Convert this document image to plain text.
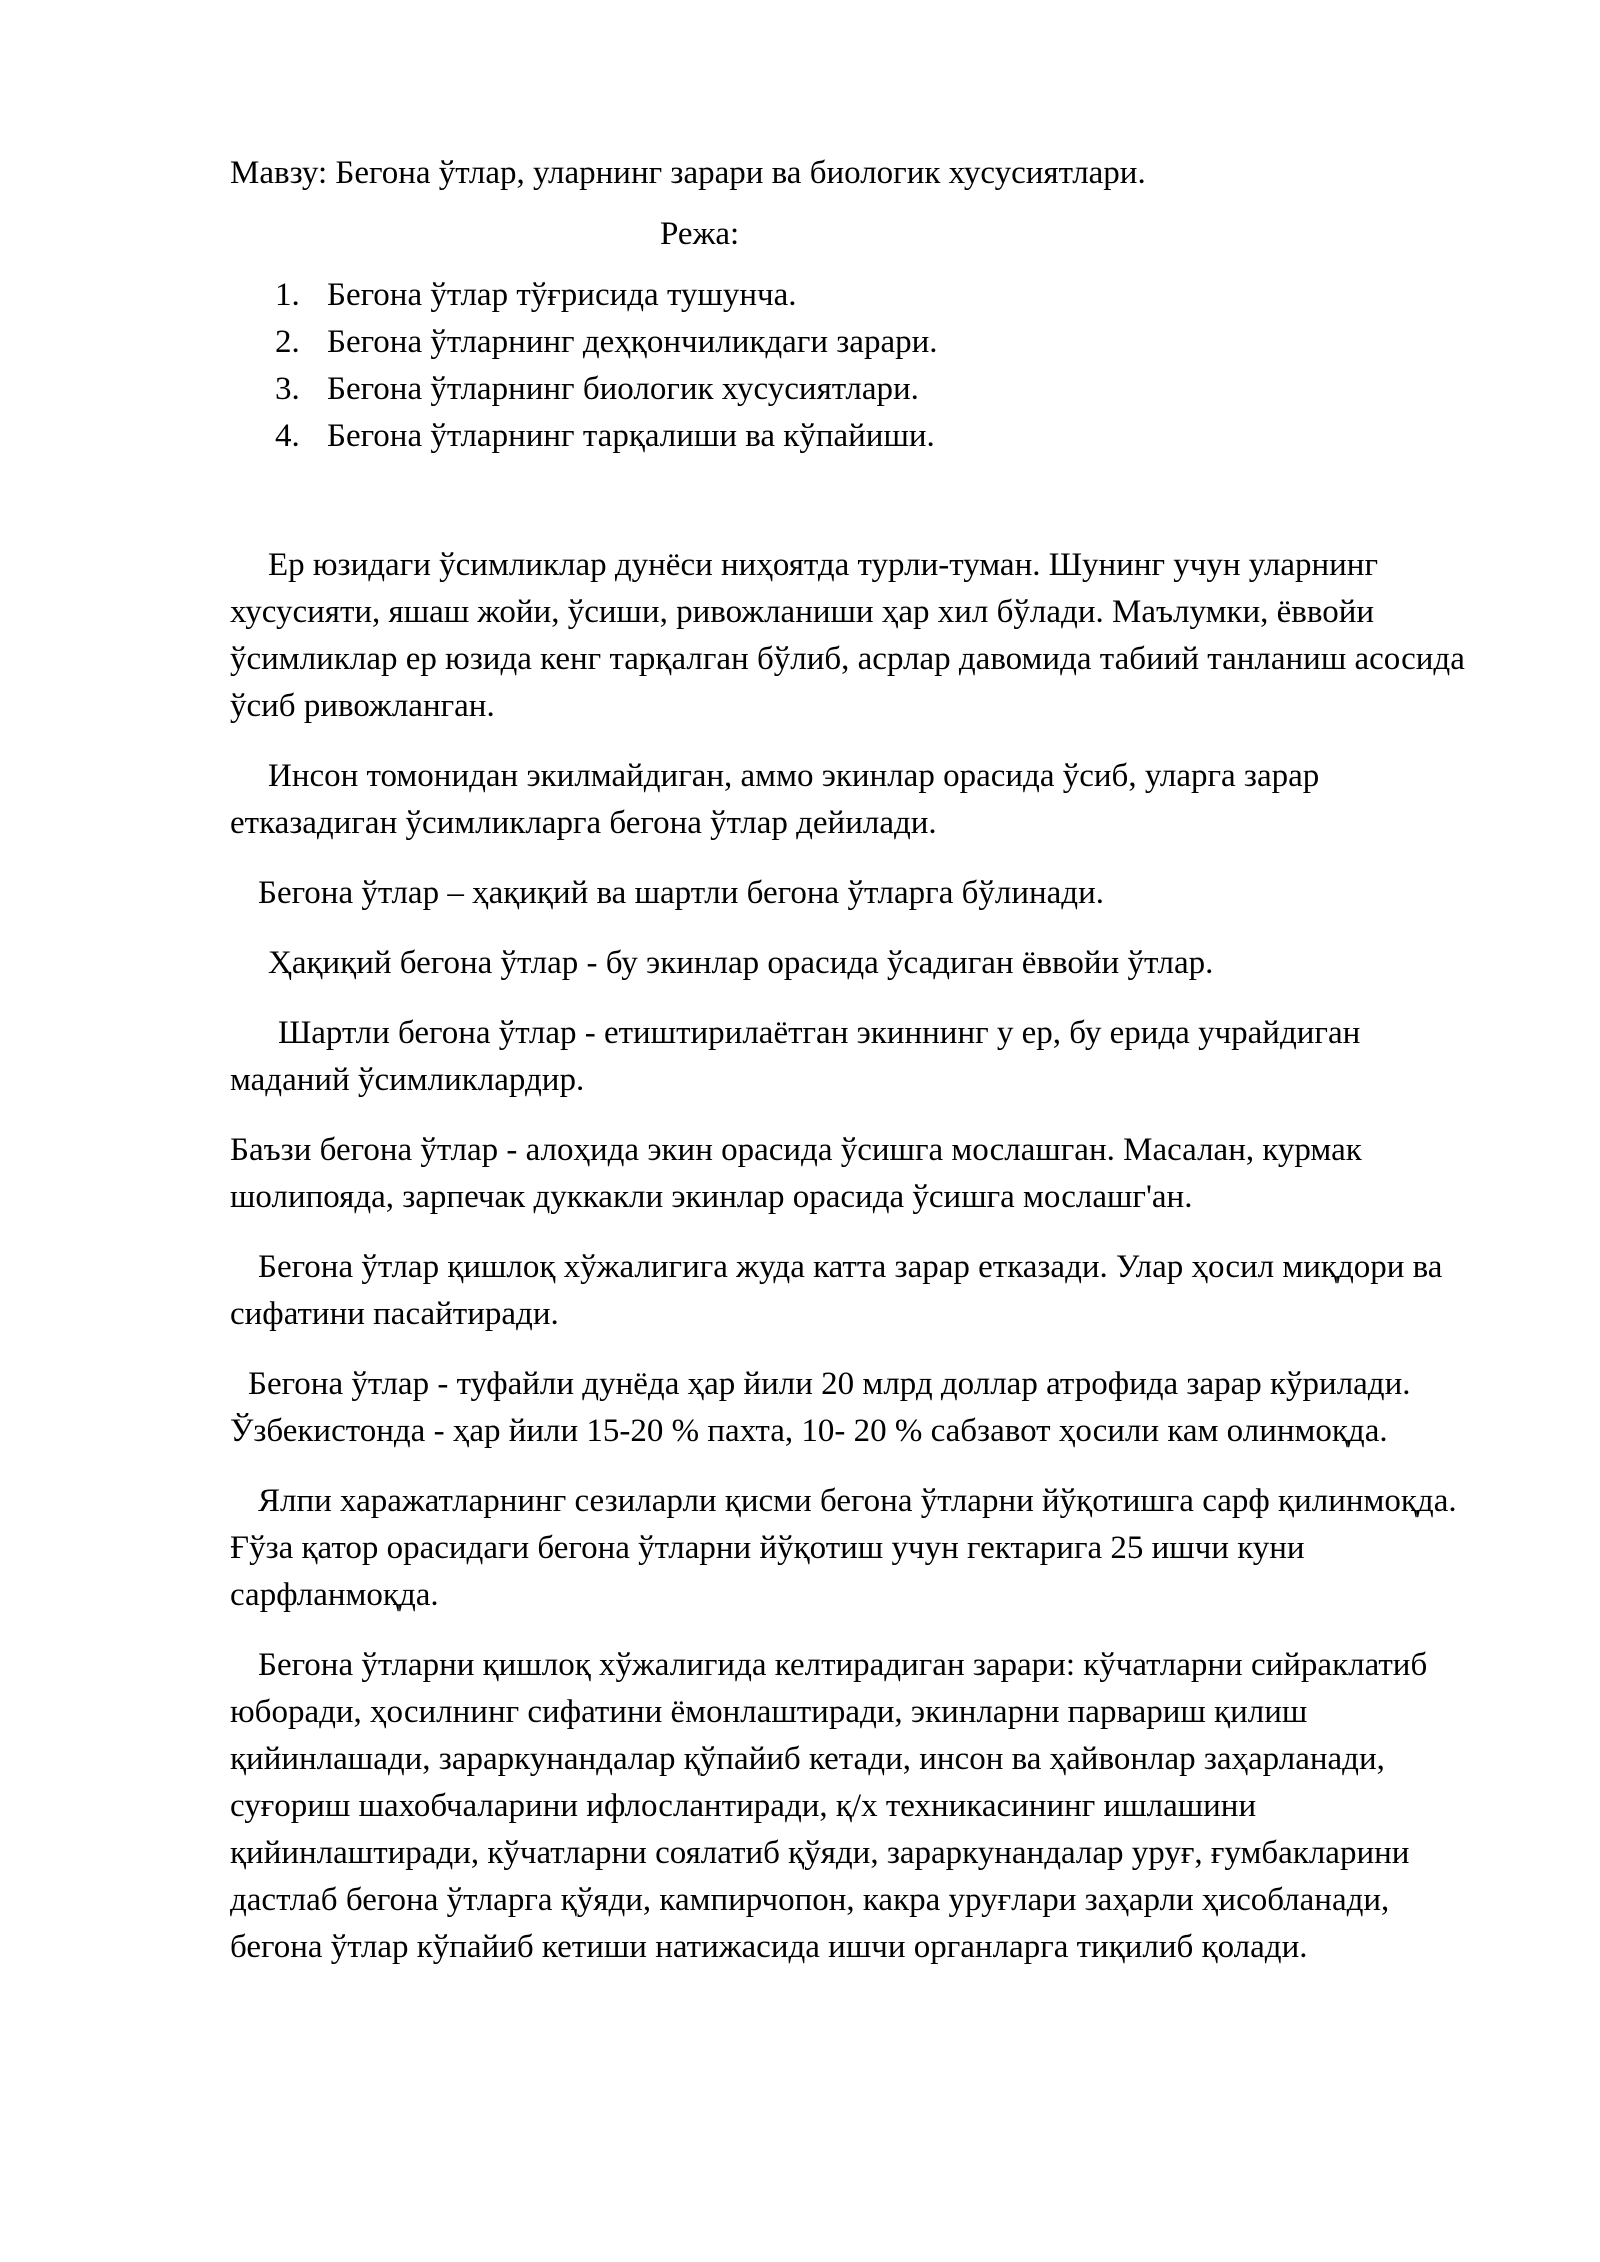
Мавзу: Бегона ўтлар, уларнинг зарари ва биологик хусусиятлари.

Режа:

1. Бегона ўтлар тўғрисида тушунча.
2. Бегона ўтларнинг деҳқончиликдаги зарари.
3. Бегона ўтларнинг биологик хусусиятлари.
4. Бегона ўтларнинг тарқалиши ва кўпайиши.

Ер юзидаги ўсимликлар дунёси ниҳоятда турли-туман. Шунинг учун уларнинг хусусияти, яшаш жойи, ўсиши, ривожланиши ҳар хил бўлади. Маълумки, ёввойи ўсимликлар ер юзида кенг тарқалган бўлиб, асрлар давомида табиий танланиш асосида ўсиб ривожланган.

Инсон томонидан экилмайдиган, аммо экинлар орасида ўсиб, уларга зарар етказадиган ўсимликларга бегона ўтлар дейилади.

Бегона ўтлар – ҳақиқий ва шартли бегона ўтларга бўлинади.

Ҳақиқий бегона ўтлар - бу экинлар орасида ўсадиган ёввойи ўтлар.

Шартли бегона ўтлар - етиштирилаётган экиннинг у ер, бу ерида учрайдиган маданий ўсимликлардир.

Баъзи бегона ўтлар - алоҳида экин орасида ўсишга мослашган. Масалан, курмак шолипояда, зарпечак дуккакли экинлар орасида ўсишга мослашг'ан.

Бегона ўтлар қишлоқ хўжалигига жуда катта зарар етказади. Улар ҳосил миқдори ва сифатини пасайтиради.

Бегона ўтлар - туфайли дунёда ҳар йили 20 млрд доллар атрофида зарар кўрилади. Ўзбекистонда - ҳар йили 15-20 % пахта, 10- 20 % сабзавот ҳосили кам олинмоқда.

Ялпи харажатларнинг сезиларли қисми бегона ўтларни йўқотишга сарф қилинмоқда. Ғўза қатор орасидаги бегона ўтларни йўқотиш учун гектарига 25 ишчи куни сарфланмоқда.

Бегона ўтларни қишлоқ хўжалигида келтирадиган зарари: кўчатларни сийраклатиб юборади, ҳосилнинг сифатини ёмонлаштиради, экинларни парвариш қилиш қийинлашади, зараркунандалар қўпайиб кетади, инсон ва ҳайвонлар заҳарланади, суғориш шахобчаларини ифлослантиради, қ/х техникасининг ишлашини қийинлаштиради, кўчатларни соялатиб қўяди, зараркунандалар уруғ, ғумбакларини дастлаб бегона ўтларга қўяди, кампирчопон, какра уруғлари заҳарли ҳисобланади, бегона ўтлар кўпайиб кетиши натижасида ишчи органларга тиқилиб қолади.
